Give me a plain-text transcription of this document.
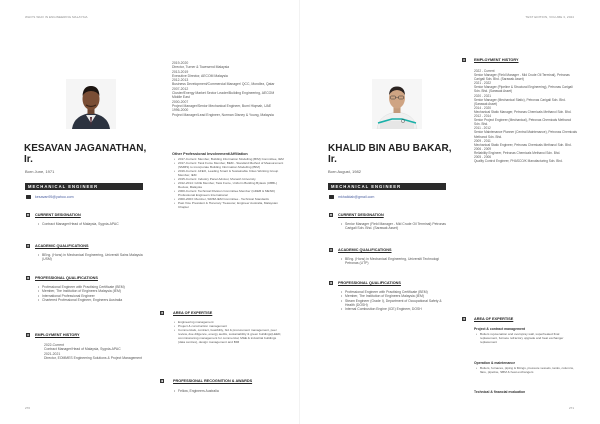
WHO'S WHO IN ENGINEERING MALAYSIA	TEST EDITION, VOLUME 3, 2024
KESAVAN JAGANATHAN,
Ir.
Born June, 1971
MECHANICAL ENGINEER
kesavan95@yahoo.com
A CURRENT DESIGNATION
• Contract Manager/Head of Malaysia, Sygnia-APAC
B ACADEMIC QUALIFICATIONS
• BEng. (Hons) in Mechanical Engineering, Universiti Sains Malaysia (USM)
C PROFESSIONAL QUALIFICATIONS
• Professional Engineer with Practising Certificate (BEM)
• Member, The Institution of Engineers Malaysia (IEM)
• International Professional Engineer
• Chartered Professional Engineer, Engineers Australia
D EMPLOYMENT HISTORY
2022-Current
Contract Manager/Head of Malaysia, Sygnia-APAC
2021-2021
Director, EOMMES Engineering Solutions & Project Management
2019-2020
Director, Turner & Townsend Malaysia
2013-2019
Executive Director, AECOM Malaysia
2012-2013
Business Development/Commercial Manager/ QCC, Mondlez, Qatar
2007-2012
Cluster/Energy Market Sector Leader/Building Engineering, AECOM Middle East
2000-2007
Project Manager/Senior Mechanical Engineer, Bumi Hiqmah, UAE
1996-2000
Project Manager/Lead Engineer, Norman Disney & Young, Malaysia
Other Professional Involvement/Affiliation
• 2017-Current: Member, Building Information Modelling (BIM) Committee, IEM
• 2017-Current: Task Force Member, BEM - Standard Method of Measurement (SMMS) to incorporate Building Information Modelling (BIM)
• 2016-Current: AFEO, Leading Smart & Sustainable Cities Working Group Member, IEM
• 2015-Current: Industry Panel Advisor, Monash University
• 2012-2014: GCIE Member, Task Force, Uniform Building Bylaws (UBBL) Review, Malaysia
• 2000-Current: Technical Division Committee Member (GDEB & MESD) Professional Engineers International
• 2000-2003: Member, SIRIM-IEM Committee - Technical Standards
• Past Vice President & Honorary Treasurer, Engineer Australia, Malaysian Chapter
E	AREA OF EXPERTISE
• Engineering management
• Project & construction management
• Commercials, contract, feasibility, bid & procurement management, peer review, due diligence, energy audits, sustainability & green buildings(LEED, commissioning management for commercial, M&E & industrial buildings (data centres), design management and BIM
F	PROFESSIONAL RECOGNITION & AWARDS
• Fellow, Engineers Australia
270
KHALID BIN ABU BAKAR,
Ir.
Born August, 1982
MECHANICAL ENGINEER
mkhalidab@gmail.com
A CURRENT DESIGNATION
• Senior Manager (Field Manager - Mid Crude Oil Terminal) Petronas Carigali Sdn. Bhd. (Sarawak Asset)
B ACADEMIC QUALIFICATIONS
• BEng. (Hons) in Mechanical Engineering, Universiti Technologi Petronas (UTP)
C PROFESSIONAL QUALIFICATIONS
• Professional Engineer with Practising Certificate (BEM)
• Member, The Institution of Engineers Malaysia (IEM)
• Steam Engineer (Grade I), Department of Occupational Safety & Health (DOSH)
• Internal Combustion Engine (ICE) Engineer, DOSH
D EMPLOYMENT HISTORY
2022 - Current
Senior Manager (Field Manager - Mid Crude Oil Terminal), Petronas Carigali Sdn. Bhd. (Sarawak Asset)
2021 - 2022
Senior Manager (Pipeline & Structural Engineering), Petronas Carigali Sdn. Bhd. (Sarawak Asset)
2020 - 2021
Senior Manager (Mechanical Static), Petronas Carigali Sdn. Bhd. (Sarawak Asset)
2014 - 2020
Mechanical Static Manager, Petronas Chemicals Methanol Sdn. Bhd.
2012 - 2014
Senior Project Engineer (Mechanical), Petronas Chemicals Methanol Sdn. Bhd.
2011 - 2012
Senior Maintenance Planner (Central Maintenance), Petronas Chemicals Methanol Sdn. Bhd.
2009 - 2011
Mechanical Static Engineer, Petronas Chemicals Methanol Sdn. Bhd.
2006 - 2009
Reliability Engineer, Petronas Chemicals Methanol Sdn. Bhd.
2005 - 2006
Quality Control Engineer, PHASCO/K Manufacturing Sdn. Bhd.
E AREA OF EXPERTISE
Project & contract management
• Boilers rejuvenation and overspray wall, superheated final replacement, furnace refractory upgrade and heat exchanger replacement
Operation & maintenance
• Boilers, furnaces, piping & fittings, pressure vessels, tanks, columns, flare, pipeline, SBM & heat exchangers
Technical & financial evaluation
271
